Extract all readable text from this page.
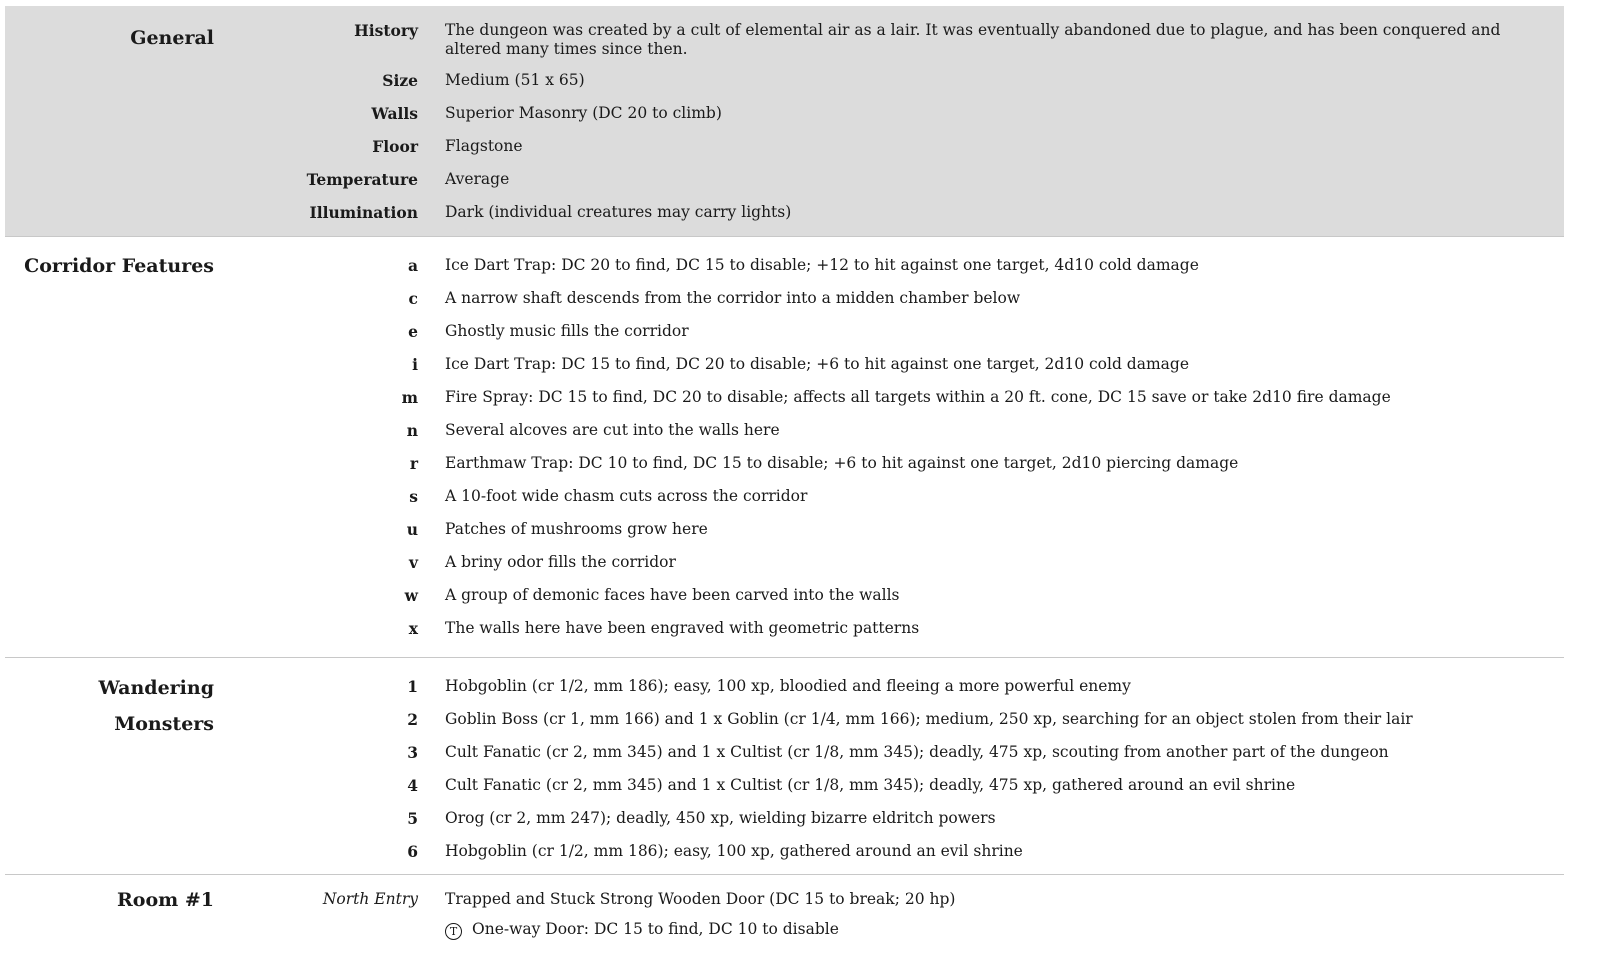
General	History The dungeon was created by a cult of elemental air as a lair. It was eventually abandoned due to plague, and has been conquered and altered many times since then.
Size Medium (51 x 65)
Walls Superior Masonry (DC 20 to climb)
Floor Flagstone
Temperature Average
Illumination Dark (individual creatures may carry lights)
Corridor Features	a Ice Dart Trap: DC 20 to find, DC 15 to disable; +12 to hit against one target, 4d10 cold damage
c A narrow shaft descends from the corridor into a midden chamber below
e Ghostly music fills the corridor
i Ice Dart Trap: DC 15 to find, DC 20 to disable; +6 to hit against one target, 2d10 cold damage
m Fire Spray: DC 15 to find, DC 20 to disable; affects all targets within a 20 ft. cone, DC 15 save or take 2d10 fire damage
n Several alcoves are cut into the walls here
r Earthmaw Trap: DC 10 to find, DC 15 to disable; +6 to hit against one target, 2d10 piercing damage
s A 10-foot wide chasm cuts across the corridor
u Patches of mushrooms grow here
v A briny odor fills the corridor
w A group of demonic faces have been carved into the walls
x The walls here have been engraved with geometric patterns
Wandering
Monsters
1 Hobgoblin (cr 1/2, mm 186); easy, 100 xp, bloodied and fleeing a more powerful enemy
2 Goblin Boss (cr 1, mm 166) and 1 x Goblin (cr 1/4, mm 166); medium, 250 xp, searching for an object stolen from their lair
3 Cult Fanatic (cr 2, mm 345) and 1 x Cultist (cr 1/8, mm 345); deadly, 475 xp, scouting from another part of the dungeon
4 Cult Fanatic (cr 2, mm 345) and 1 x Cultist (cr 1/8, mm 345); deadly, 475 xp, gathered around an evil shrine
5 Orog (cr 2, mm 247); deadly, 450 xp, wielding bizarre eldritch powers
6 Hobgoblin (cr 1/2, mm 186); easy, 100 xp, gathered around an evil shrine
Room #1	North Entry Trapped and Stuck Strong Wooden Door (DC 15 to break; 20 hp)
T One-way Door: DC 15 to find, DC 10 to disable
